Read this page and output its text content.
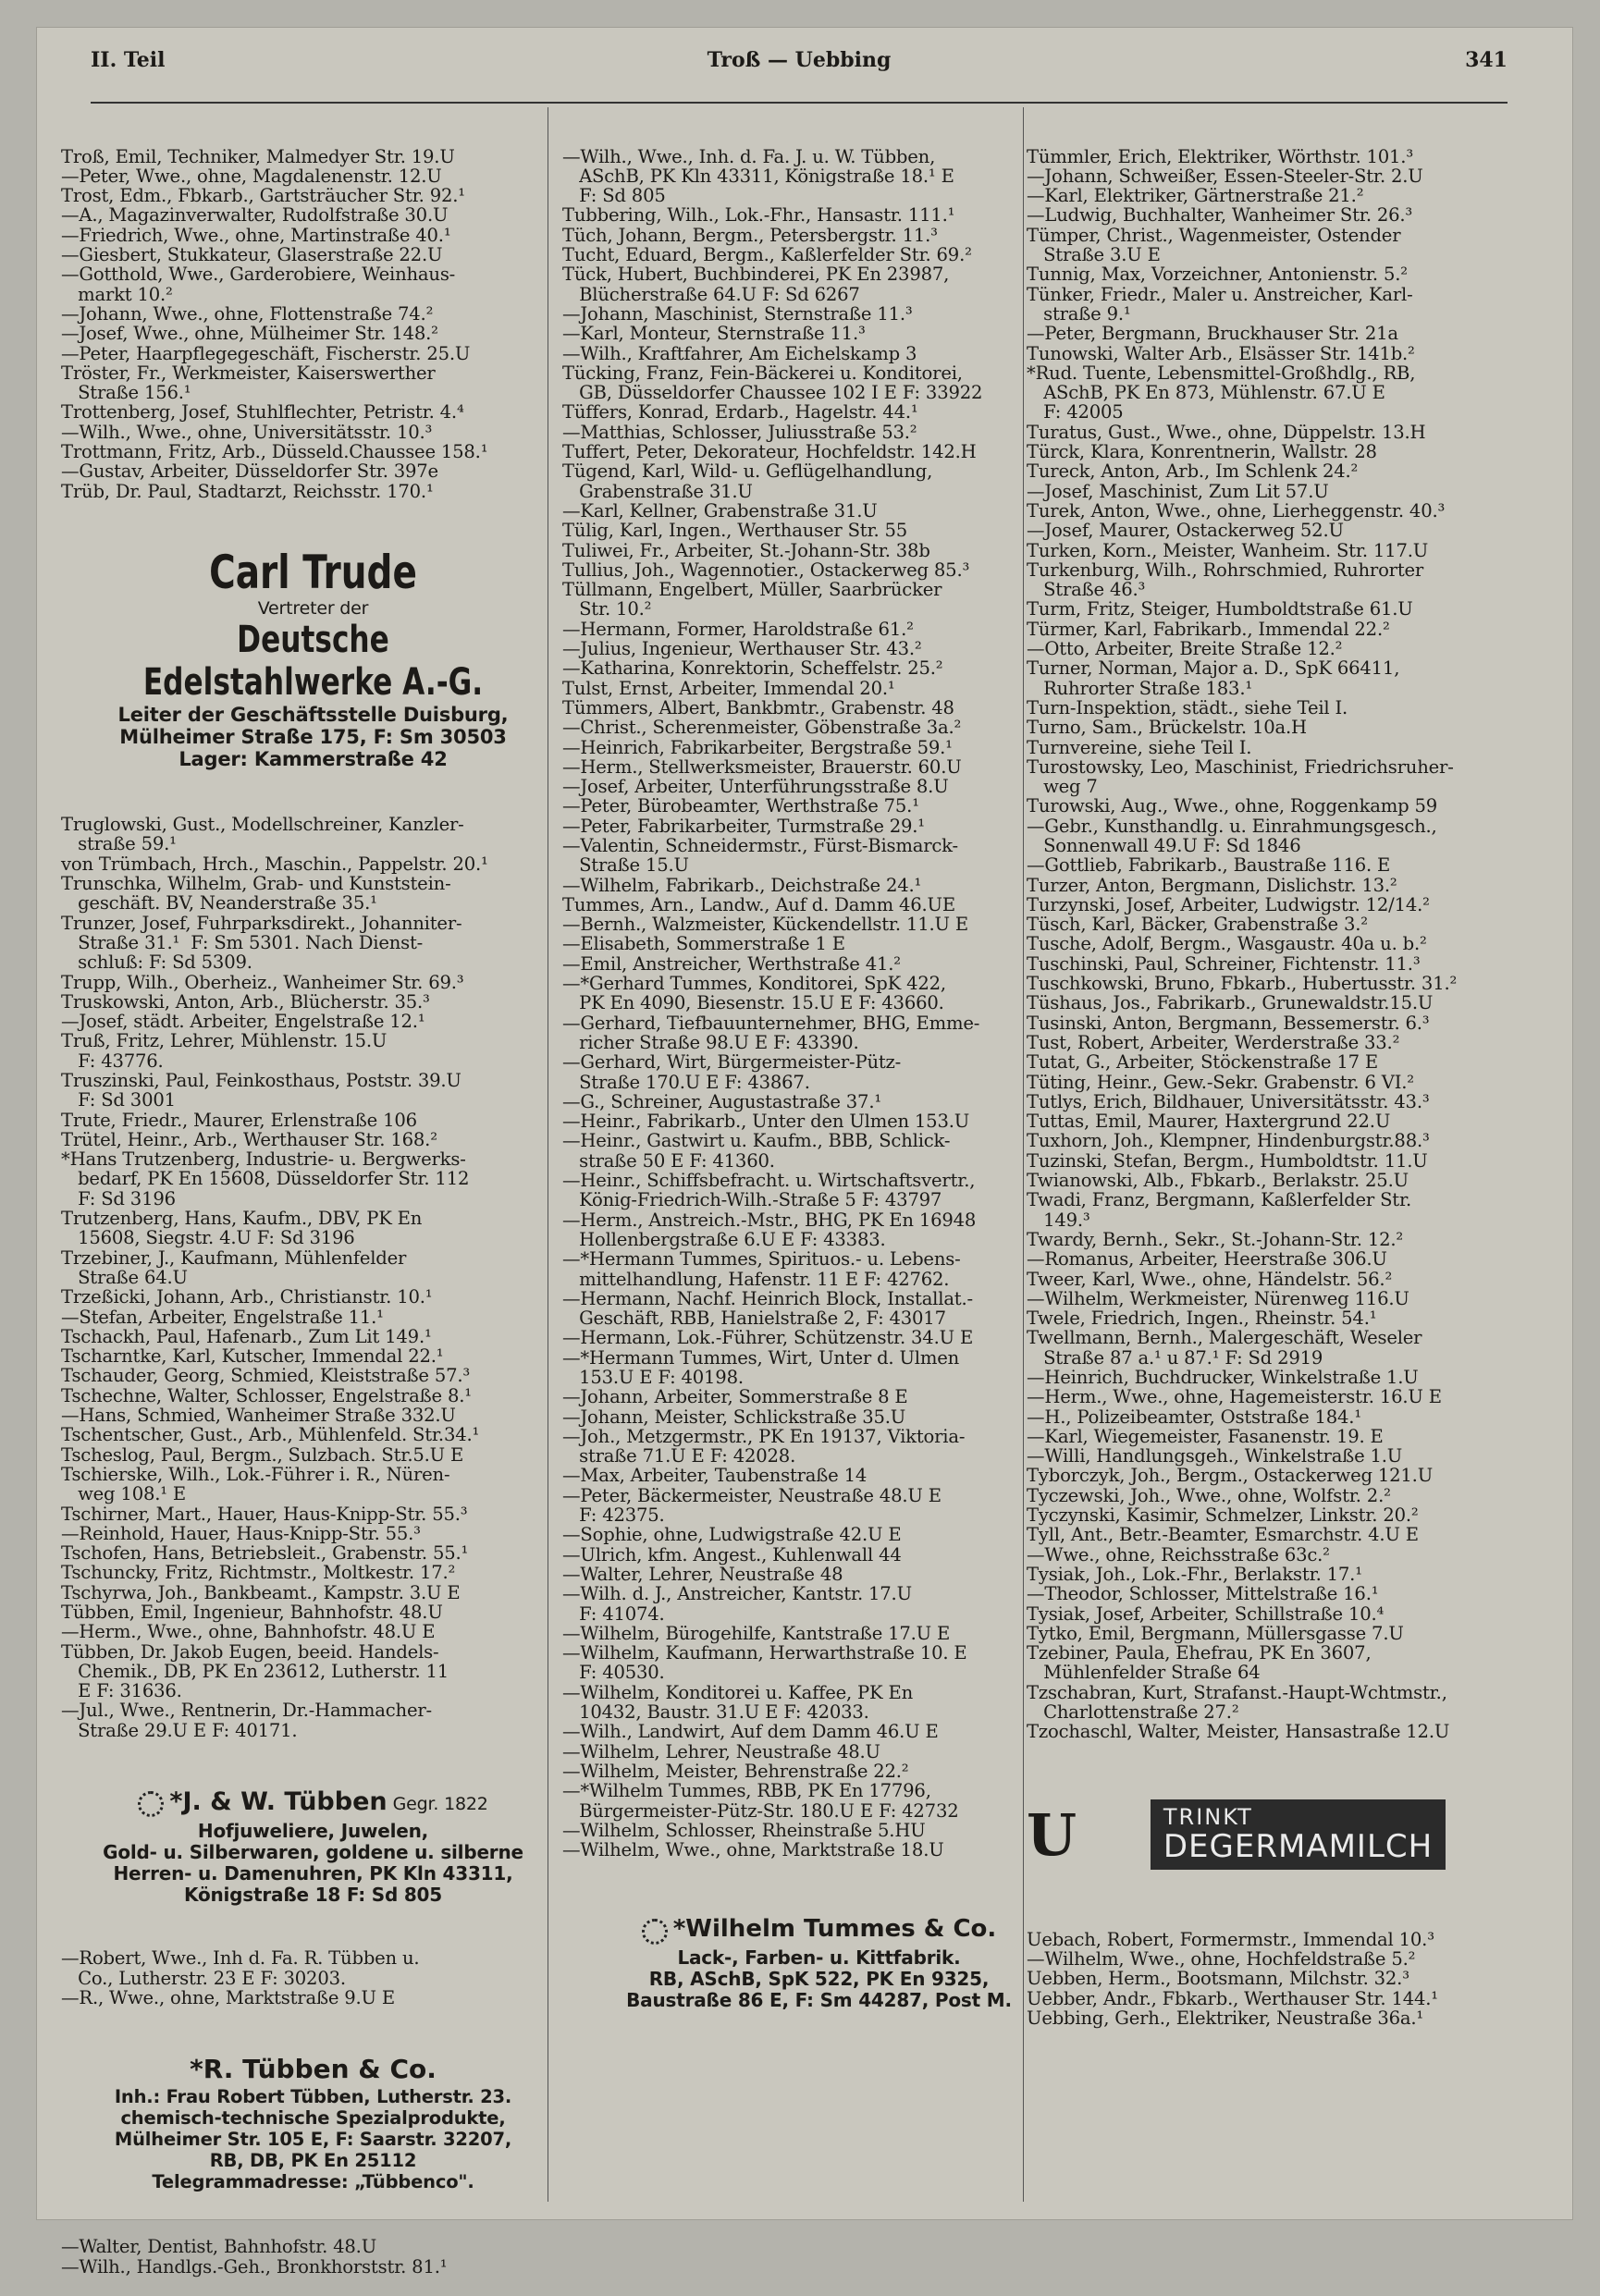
II. Teil	Troß — Uebbing	341

Troß, Emil, Techniker, Malmedyer Str. 19.U
—Peter, Wwe., ohne, Magdalenenstr. 12.U
Trost, Edm., Fbkarb., Gartsträucher Str. 92.¹
—A., Magazinverwalter, Rudolfstraße 30.U
—Friedrich, Wwe., ohne, Martinstraße 40.¹
—Giesbert, Stukkateur, Glaserstraße 22.U
—Gotthold, Wwe., Garderobiere, Weinhaus-
markt 10.²
—Johann, Wwe., ohne, Flottenstraße 74.²
—Josef, Wwe., ohne, Mülheimer Str. 148.²
—Peter, Haarpflegegeschäft, Fischerstr. 25.U
Tröster, Fr., Werkmeister, Kaiserswerther
Straße 156.¹
Trottenberg, Josef, Stuhlflechter, Petristr. 4.⁴
—Wilh., Wwe., ohne, Universitätsstr. 10.³
Trottmann, Fritz, Arb., Düsseld.Chaussee 158.¹
—Gustav, Arbeiter, Düsseldorfer Str. 397e
Trüb, Dr. Paul, Stadtarzt, Reichsstr. 170.¹

Carl Trude
Vertreter der
Deutsche Edelstahlwerke A.-G.
Leiter der Geschäftsstelle Duisburg,
Mülheimer Straße 175, F: Sm 30503
Lager: Kammerstraße 42

Truglowski, Gust., Modellschreiner, Kanzler-
straße 59.¹
von Trümbach, Hrch., Maschin., Pappelstr. 20.¹
Trunschka, Wilhelm, Grab- und Kunststein-
geschäft. BV, Neanderstraße 35.¹
Trunzer, Josef, Fuhrparksdirekt., Johanniter-
Straße 31.¹  F: Sm 5301. Nach Dienst-
schluß: F: Sd 5309.
Trupp, Wilh., Oberheiz., Wanheimer Str. 69.³
Truskowski, Anton, Arb., Blücherstr. 35.³
—Josef, städt. Arbeiter, Engelstraße 12.¹
Truß, Fritz, Lehrer, Mühlenstr. 15.U
F: 43776.
Truszinski, Paul, Feinkosthaus, Poststr. 39.U
F: Sd 3001
Trute, Friedr., Maurer, Erlenstraße 106
Trütel, Heinr., Arb., Werthauser Str. 168.²
*Hans Trutzenberg, Industrie- u. Bergwerks-
bedarf, PK En 15608, Düsseldorfer Str. 112
F: Sd 3196
Trutzenberg, Hans, Kaufm., DBV, PK En
15608, Siegstr. 4.U F: Sd 3196
Trzebiner, J., Kaufmann, Mühlenfelder
Straße 64.U
Trzeßicki, Johann, Arb., Christianstr. 10.¹
—Stefan, Arbeiter, Engelstraße 11.¹
Tschackh, Paul, Hafenarb., Zum Lit 149.¹
Tscharntke, Karl, Kutscher, Immendal 22.¹
Tschauder, Georg, Schmied, Kleiststraße 57.³
Tschechne, Walter, Schlosser, Engelstraße 8.¹
—Hans, Schmied, Wanheimer Straße 332.U
Tschentscher, Gust., Arb., Mühlenfeld. Str.34.¹
Tscheslog, Paul, Bergm., Sulzbach. Str.5.U E
Tschierske, Wilh., Lok.-Führer i. R., Nüren-
weg 108.¹ E
Tschirner, Mart., Hauer, Haus-Knipp-Str. 55.³
—Reinhold, Hauer, Haus-Knipp-Str. 55.³
Tschofen, Hans, Betriebsleit., Grabenstr. 55.¹
Tschuncky, Fritz, Richtmstr., Moltkestr. 17.²
Tschyrwa, Joh., Bankbeamt., Kampstr. 3.U E
Tübben, Emil, Ingenieur, Bahnhofstr. 48.U
—Herm., Wwe., ohne, Bahnhofstr. 48.U E
Tübben, Dr. Jakob Eugen, beeid. Handels-
Chemik., DB, PK En 23612, Lutherstr. 11
E F: 31636.
—Jul., Wwe., Rentnerin, Dr.-Hammacher-
Straße 29.U E F: 40171.

*J. & W. Tübben Gegr. 1822
Hofjuweliere, Juwelen,
Gold- u. Silberwaren, goldene u. silberne
Herren- u. Damenuhren, PK Kln 43311,
Königstraße 18 F: Sd 805

—Robert, Wwe., Inh d. Fa. R. Tübben u.
Co., Lutherstr. 23 E F: 30203.
—R., Wwe., ohne, Marktstraße 9.U E

*R. Tübben & Co.
Inh.: Frau Robert Tübben, Lutherstr. 23.
chemisch-technische Spezialprodukte,
Mülheimer Str. 105 E, F: Saarstr. 32207,
RB, DB, PK En 25112
Telegrammadresse: „Tübbenco".

—Walter, Dentist, Bahnhofstr. 48.U
—Wilh., Handlgs.-Geh., Bronkhorststr. 81.¹

—Wilh., Wwe., Inh. d. Fa. J. u. W. Tübben,
ASchB, PK Kln 43311, Königstraße 18.¹ E
F: Sd 805
Tubbering, Wilh., Lok.-Fhr., Hansastr. 111.¹
Tüch, Johann, Bergm., Petersbergstr. 11.³
Tucht, Eduard, Bergm., Kaßlerfelder Str. 69.²
Tück, Hubert, Buchbinderei, PK En 23987,
Blücherstraße 64.U F: Sd 6267
—Johann, Maschinist, Sternstraße 11.³
—Karl, Monteur, Sternstraße 11.³
—Wilh., Kraftfahrer, Am Eichelskamp 3
Tücking, Franz, Fein-Bäckerei u. Konditorei,
GB, Düsseldorfer Chaussee 102 I E F: 33922
Tüffers, Konrad, Erdarb., Hagelstr. 44.¹
—Matthias, Schlosser, Juliusstraße 53.²
Tuffert, Peter, Dekorateur, Hochfeldstr. 142.H
Tügend, Karl, Wild- u. Geflügelhandlung,
Grabenstraße 31.U
—Karl, Kellner, Grabenstraße 31.U
Tülig, Karl, Ingen., Werthauser Str. 55
Tuliwei, Fr., Arbeiter, St.-Johann-Str. 38b
Tullius, Joh., Wagennotier., Ostackerweg 85.³
Tüllmann, Engelbert, Müller, Saarbrücker
Str. 10.²
—Hermann, Former, Haroldstraße 61.²
—Julius, Ingenieur, Werthauser Str. 43.²
—Katharina, Konrektorin, Scheffelstr. 25.²
Tulst, Ernst, Arbeiter, Immendal 20.¹
Tümmers, Albert, Bankbmtr., Grabenstr. 48
—Christ., Scherenmeister, Göbenstraße 3a.²
—Heinrich, Fabrikarbeiter, Bergstraße 59.¹
—Herm., Stellwerksmeister, Brauerstr. 60.U
—Josef, Arbeiter, Unterführungsstraße 8.U
—Peter, Bürobeamter, Werthstraße 75.¹
—Peter, Fabrikarbeiter, Turmstraße 29.¹
—Valentin, Schneidermstr., Fürst-Bismarck-
Straße 15.U
—Wilhelm, Fabrikarb., Deichstraße 24.¹
Tummes, Arn., Landw., Auf d. Damm 46.UE
—Bernh., Walzmeister, Kückendellstr. 11.U E
—Elisabeth, Sommerstraße 1 E
—Emil, Anstreicher, Werthstraße 41.²
—*Gerhard Tummes, Konditorei, SpK 422,
PK En 4090, Biesenstr. 15.U E F: 43660.
—Gerhard, Tiefbauunternehmer, BHG, Emme-
richer Straße 98.U E F: 43390.
—Gerhard, Wirt, Bürgermeister-Pütz-
Straße 170.U E F: 43867.
—G., Schreiner, Augustastraße 37.¹
—Heinr., Fabrikarb., Unter den Ulmen 153.U
—Heinr., Gastwirt u. Kaufm., BBB, Schlick-
straße 50 E F: 41360.
—Heinr., Schiffsbefracht. u. Wirtschaftsvertr.,
König-Friedrich-Wilh.-Straße 5 F: 43797
—Herm., Anstreich.-Mstr., BHG, PK En 16948
Hollenbergstraße 6.U E F: 43383.
—*Hermann Tummes, Spirituos.- u. Lebens-
mittelhandlung, Hafenstr. 11 E F: 42762.
—Hermann, Nachf. Heinrich Block, Installat.-
Geschäft, RBB, Hanielstraße 2, F: 43017
—Hermann, Lok.-Führer, Schützenstr. 34.U E
—*Hermann Tummes, Wirt, Unter d. Ulmen
153.U E F: 40198.
—Johann, Arbeiter, Sommerstraße 8 E
—Johann, Meister, Schlickstraße 35.U
—Joh., Metzgermstr., PK En 19137, Viktoria-
straße 71.U E F: 42028.
—Max, Arbeiter, Taubenstraße 14
—Peter, Bäckermeister, Neustraße 48.U E
F: 42375.
—Sophie, ohne, Ludwigstraße 42.U E
—Ulrich, kfm. Angest., Kuhlenwall 44
—Walter, Lehrer, Neustraße 48
—Wilh. d. J., Anstreicher, Kantstr. 17.U
F: 41074.
—Wilhelm, Bürogehilfe, Kantstraße 17.U E
—Wilhelm, Kaufmann, Herwarthstraße 10. E
F: 40530.
—Wilhelm, Konditorei u. Kaffee, PK En
10432, Baustr. 31.U E F: 42033.
—Wilh., Landwirt, Auf dem Damm 46.U E
—Wilhelm, Lehrer, Neustraße 48.U
—Wilhelm, Meister, Behrenstraße 22.²
—*Wilhelm Tummes, RBB, PK En 17796,
Bürgermeister-Pütz-Str. 180.U E F: 42732
—Wilhelm, Schlosser, Rheinstraße 5.HU
—Wilhelm, Wwe., ohne, Marktstraße 18.U

*Wilhelm Tummes & Co.
Lack-, Farben- u. Kittfabrik.
RB, ASchB, SpK 522, PK En 9325,
Baustraße 86 E, F: Sm 44287, Post M.

Tümmler, Erich, Elektriker, Wörthstr. 101.³
—Johann, Schweißer, Essen-Steeler-Str. 2.U
—Karl, Elektriker, Gärtnerstraße 21.²
—Ludwig, Buchhalter, Wanheimer Str. 26.³
Tümper, Christ., Wagenmeister, Ostender
Straße 3.U E
Tunnig, Max, Vorzeichner, Antonienstr. 5.²
Tünker, Friedr., Maler u. Anstreicher, Karl-
straße 9.¹
—Peter, Bergmann, Bruckhauser Str. 21a
Tunowski, Walter Arb., Elsässer Str. 141b.²
*Rud. Tuente, Lebensmittel-Großhdlg., RB,
ASchB, PK En 873, Mühlenstr. 67.U E
F: 42005
Turatus, Gust., Wwe., ohne, Düppelstr. 13.H
Türck, Klara, Konrentnerin, Wallstr. 28
Tureck, Anton, Arb., Im Schlenk 24.²
—Josef, Maschinist, Zum Lit 57.U
Turek, Anton, Wwe., ohne, Lierheggenstr. 40.³
—Josef, Maurer, Ostackerweg 52.U
Turken, Korn., Meister, Wanheim. Str. 117.U
Turkenburg, Wilh., Rohrschmied, Ruhrorter
Straße 46.³
Turm, Fritz, Steiger, Humboldtstraße 61.U
Türmer, Karl, Fabrikarb., Immendal 22.²
—Otto, Arbeiter, Breite Straße 12.²
Turner, Norman, Major a. D., SpK 66411,
Ruhrorter Straße 183.¹
Turn-Inspektion, städt., siehe Teil I.
Turno, Sam., Brückelstr. 10a.H
Turnvereine, siehe Teil I.
Turostowsky, Leo, Maschinist, Friedrichsruher-
weg 7
Turowski, Aug., Wwe., ohne, Roggenkamp 59
—Gebr., Kunsthandlg. u. Einrahmungsgesch.,
Sonnenwall 49.U F: Sd 1846
—Gottlieb, Fabrikarb., Baustraße 116. E
Turzer, Anton, Bergmann, Dislichstr. 13.²
Turzynski, Josef, Arbeiter, Ludwigstr. 12/14.²
Tüsch, Karl, Bäcker, Grabenstraße 3.²
Tusche, Adolf, Bergm., Wasgaustr. 40a u. b.²
Tuschinski, Paul, Schreiner, Fichtenstr. 11.³
Tuschkowski, Bruno, Fbkarb., Hubertusstr. 31.²
Tüshaus, Jos., Fabrikarb., Grunewaldstr.15.U
Tusinski, Anton, Bergmann, Bessemerstr. 6.³
Tust, Robert, Arbeiter, Werderstraße 33.²
Tutat, G., Arbeiter, Stöckenstraße 17 E
Tüting, Heinr., Gew.-Sekr. Grabenstr. 6 VI.²
Tutlys, Erich, Bildhauer, Universitätsstr. 43.³
Tuttas, Emil, Maurer, Haxtergrund 22.U
Tuxhorn, Joh., Klempner, Hindenburgstr.88.³
Tuzinski, Stefan, Bergm., Humboldtstr. 11.U
Twianowski, Alb., Fbkarb., Berlakstr. 25.U
Twadi, Franz, Bergmann, Kaßlerfelder Str.
149.³
Twardy, Bernh., Sekr., St.-Johann-Str. 12.²
—Romanus, Arbeiter, Heerstraße 306.U
Tweer, Karl, Wwe., ohne, Händelstr. 56.²
—Wilhelm, Werkmeister, Nürenweg 116.U
Twele, Friedrich, Ingen., Rheinstr. 54.¹
Twellmann, Bernh., Malergeschäft, Weseler
Straße 87 a.¹ u 87.¹ F: Sd 2919
—Heinrich, Buchdrucker, Winkelstraße 1.U
—Herm., Wwe., ohne, Hagemeisterstr. 16.U E
—H., Polizeibeamter, Oststraße 184.¹
—Karl, Wiegemeister, Fasanenstr. 19. E
—Willi, Handlungsgeh., Winkelstraße 1.U
Tyborczyk, Joh., Bergm., Ostackerweg 121.U
Tyczewski, Joh., Wwe., ohne, Wolfstr. 2.²
Tyczynski, Kasimir, Schmelzer, Linkstr. 20.²
Tyll, Ant., Betr.-Beamter, Esmarchstr. 4.U E
—Wwe., ohne, Reichsstraße 63c.²
Tysiak, Joh., Lok.-Fhr., Berlakstr. 17.¹
—Theodor, Schlosser, Mittelstraße 16.¹
Tysiak, Josef, Arbeiter, Schillstraße 10.⁴
Tytko, Emil, Bergmann, Müllersgasse 7.U
Tzebiner, Paula, Ehefrau, PK En 3607,
Mühlenfelder Straße 64
Tzschabran, Kurt, Strafanst.-Haupt-Wchtmstr.,
Charlottenstraße 27.²
Tzochaschl, Walter, Meister, Hansastraße 12.U

U	TRINKT
DEGERMAMILCH

Uebach, Robert, Formermstr., Immendal 10.³
—Wilhelm, Wwe., ohne, Hochfeldstraße 5.²
Uebben, Herm., Bootsmann, Milchstr. 32.³
Uebber, Andr., Fbkarb., Werthauser Str. 144.¹
Uebbing, Gerh., Elektriker, Neustraße 36a.¹
